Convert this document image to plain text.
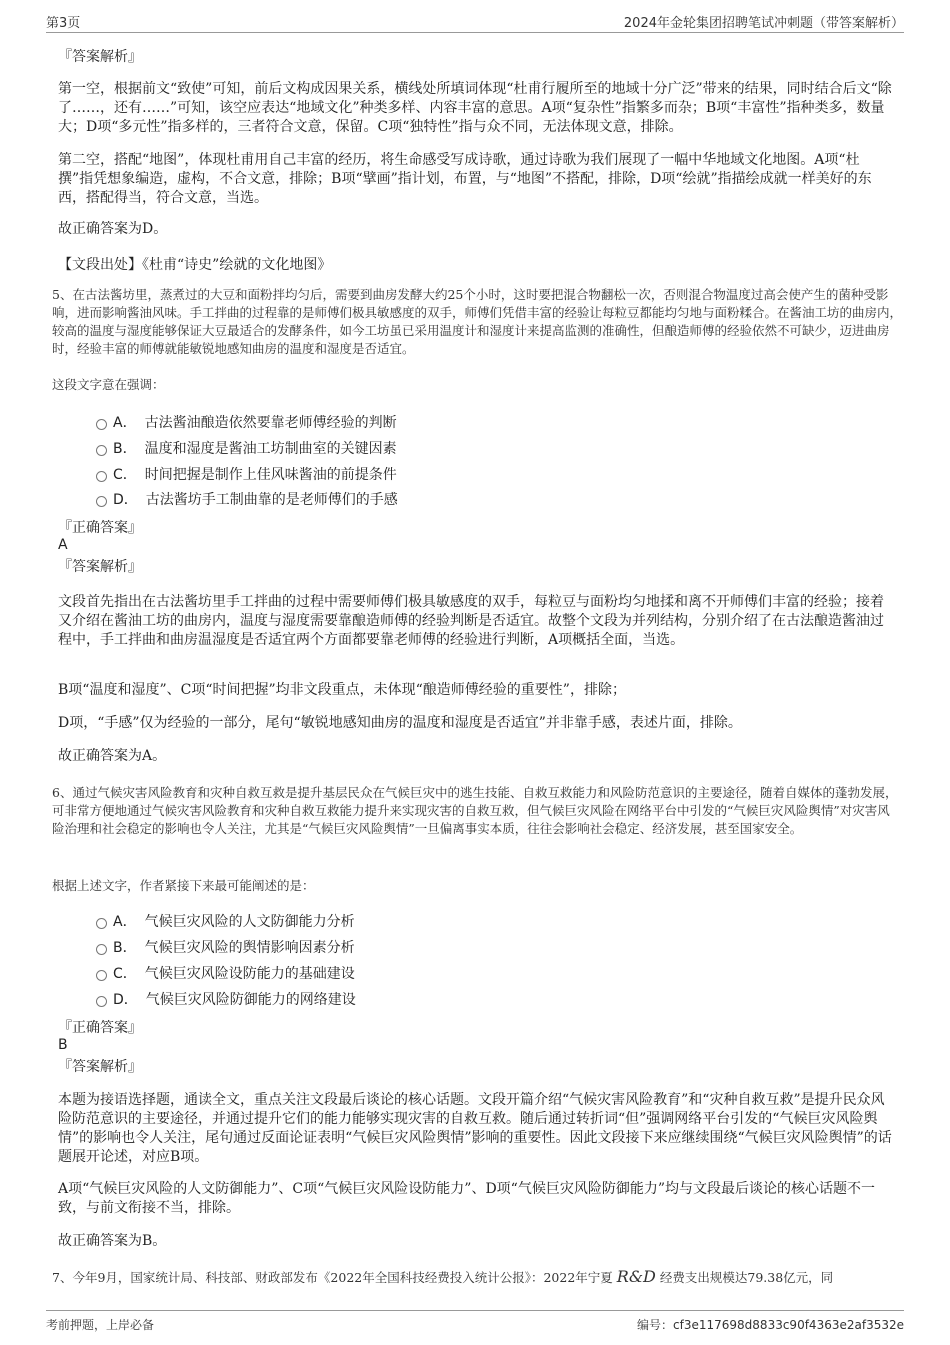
第3页	2024年金轮集团招聘笔试冲刺题（带答案解析）

『答案解析』

第一空，根据前文“致使”可知，前后文构成因果关系，横线处所填词体现“杜甫行履所至的地域十分广泛”带来的结果，同时结合后文“除了……，还有……”可知，该空应表达“地域文化”种类多样、内容丰富的意思。A项“复杂性”指繁多而杂；B项“丰富性”指种类多，数量大；D项“多元性”指多样的，三者符合文意，保留。C项“独特性”指与众不同，无法体现文意，排除。

第二空，搭配“地图”，体现杜甫用自己丰富的经历，将生命感受写成诗歌，通过诗歌为我们展现了一幅中华地域文化地图。A项“杜撰”指凭想象编造，虚构，不合文意，排除；B项“擘画”指计划，布置，与“地图”不搭配，排除，D项“绘就”指描绘成就一样美好的东西，搭配得当，符合文意，当选。

故正确答案为D。

【文段出处】《杜甫“诗史”绘就的文化地图》

5、在古法酱坊里，蒸煮过的大豆和面粉拌均匀后，需要到曲房发酵大约25个小时，这时要把混合物翻松一次，否则混合物温度过高会使产生的菌种受影响，进而影响酱油风味。手工拌曲的过程靠的是师傅们极具敏感度的双手，师傅们凭借丰富的经验让每粒豆都能均匀地与面粉糅合。在酱油工坊的曲房内，较高的温度与湿度能够保证大豆最适合的发酵条件，如今工坊虽已采用温度计和湿度计来提高监测的准确性，但酿造师傅的经验依然不可缺少，迈进曲房时，经验丰富的师傅就能敏锐地感知曲房的温度和湿度是否适宜。

这段文字意在强调：

A． 古法酱油酿造依然要靠老师傅经验的判断
B． 温度和湿度是酱油工坊制曲室的关键因素
C． 时间把握是制作上佳风味酱油的前提条件
D． 古法酱坊手工制曲靠的是老师傅们的手感

『正确答案』

A

『答案解析』

文段首先指出在古法酱坊里手工拌曲的过程中需要师傅们极具敏感度的双手，每粒豆与面粉均匀地揉和离不开师傅们丰富的经验；接着又介绍在酱油工坊的曲房内，温度与湿度需要靠酿造师傅的经验判断是否适宜。故整个文段为并列结构，分别介绍了在古法酿造酱油过程中，手工拌曲和曲房温湿度是否适宜两个方面都要靠老师傅的经验进行判断，A项概括全面，当选。

B项“温度和湿度”、C项“时间把握”均非文段重点，未体现“酿造师傅经验的重要性”，排除；

D项，“手感”仅为经验的一部分，尾句“敏锐地感知曲房的温度和湿度是否适宜”并非靠手感，表述片面，排除。

故正确答案为A。

6、通过气候灾害风险教育和灾种自救互救是提升基层民众在气候巨灾中的逃生技能、自救互救能力和风险防范意识的主要途径，随着自媒体的蓬勃发展，可非常方便地通过气候灾害风险教育和灾种自救互救能力提升来实现灾害的自救互救，但气候巨灾风险在网络平台中引发的“气候巨灾风险舆情”对灾害风险治理和社会稳定的影响也令人关注，尤其是“气候巨灾风险舆情”一旦偏离事实本质，往往会影响社会稳定、经济发展，甚至国家安全。

根据上述文字，作者紧接下来最可能阐述的是：

A． 气候巨灾风险的人文防御能力分析
B． 气候巨灾风险的舆情影响因素分析
C． 气候巨灾风险设防能力的基础建设
D． 气候巨灾风险防御能力的网络建设

『正确答案』

B

『答案解析』

本题为接语选择题，通读全文，重点关注文段最后谈论的核心话题。文段开篇介绍“气候灾害风险教育”和“灾种自救互救”是提升民众风险防范意识的主要途径，并通过提升它们的能力能够实现灾害的自救互救。随后通过转折词“但”强调网络平台引发的“气候巨灾风险舆情”的影响也令人关注，尾句通过反面论证表明“气候巨灾风险舆情”影响的重要性。因此文段接下来应继续围绕“气候巨灾风险舆情”的话题展开论述，对应B项。

A项“气候巨灾风险的人文防御能力”、C项“气候巨灾风险设防能力”、D项“气候巨灾风险防御能力”均与文段最后谈论的核心话题不一致，与前文衔接不当，排除。

故正确答案为B。

7、今年9月，国家统计局、科技部、财政部发布《2022年全国科技经费投入统计公报》：2022年宁夏 R&D 经费支出规模达79.38亿元，同

考前押题，上岸必备	编号：cf3e117698d8833c90f4363e2af3532e
